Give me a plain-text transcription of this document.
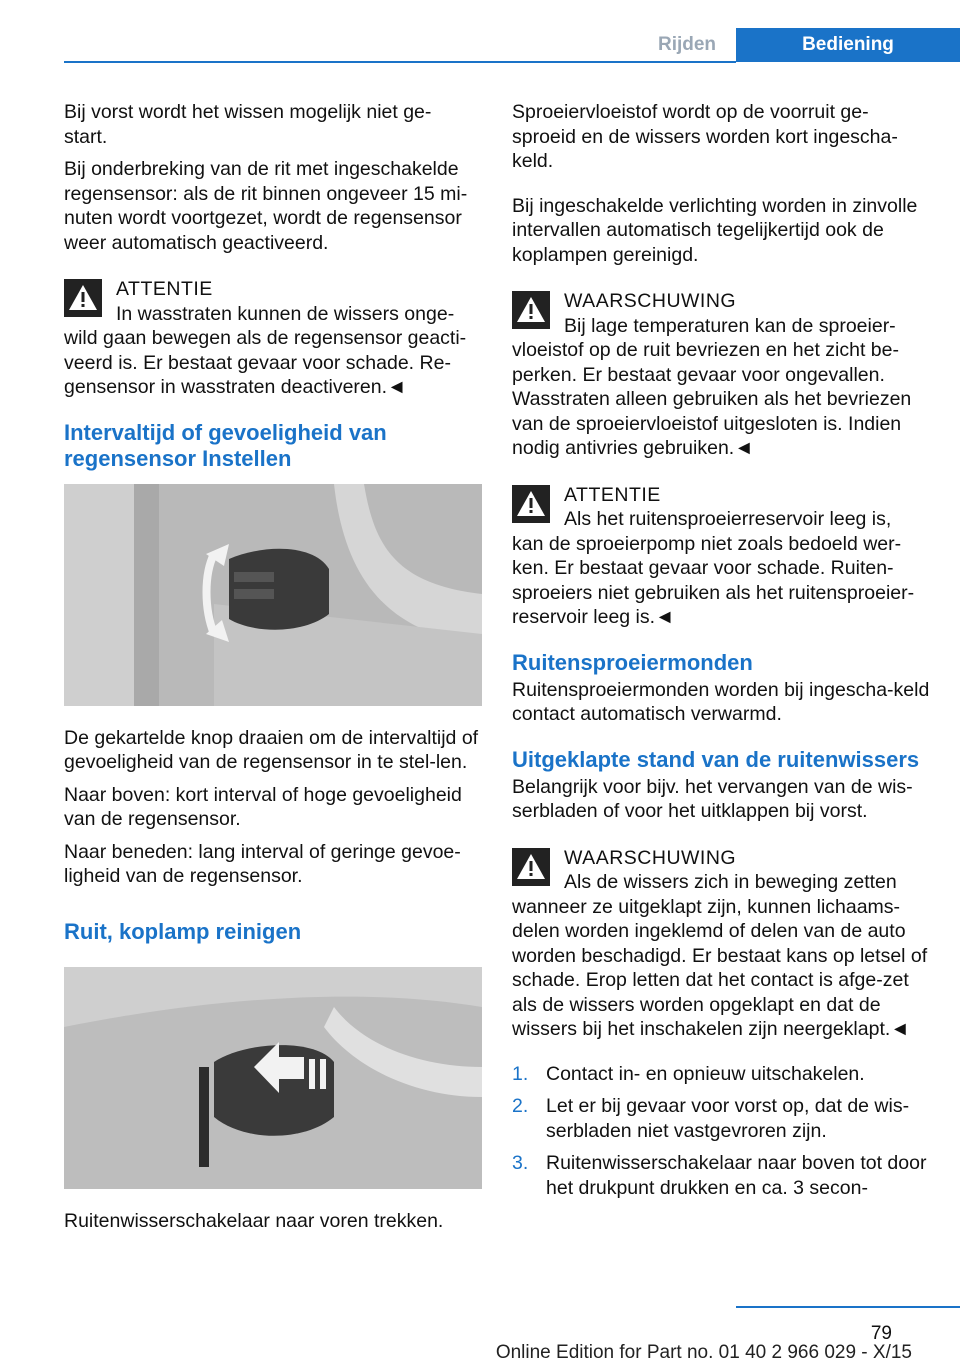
Rijden	Bediening

Bij vorst wordt het wissen mogelijk niet ge-
start.

Bij onderbreking van de rit met ingeschakelde regensensor: als de rit binnen ongeveer 15 mi-nuten wordt voortgezet, wordt de regensensor weer automatisch geactiveerd.

ATTENTIE
In wasstraten kunnen de wissers onge-
wild gaan bewegen als de regensensor geacti-veerd is. Er bestaat gevaar voor schade. Re-gensensor in wasstraten deactiveren.◄
Intervaltijd of gevoeligheid van regensensor Instellen

De gekartelde knop draaien om de intervaltijd of gevoeligheid van de regensensor in te stel-len.

Naar boven: kort interval of hoge gevoeligheid van de regensensor.

Naar beneden: lang interval of geringe gevoe-ligheid van de regensensor.

Ruit, koplamp reinigen

Ruitenwisserschakelaar naar voren trekken.

Sproeiervloeistof wordt op de voorruit ge-sproeid en de wissers worden kort ingescha-keld.

Bij ingeschakelde verlichting worden in zinvolle intervallen automatisch tegelijkertijd ook de koplampen gereinigd.

WAARSCHUWING
Bij lage temperaturen kan de sproeier-
vloeistof op de ruit bevriezen en het zicht be-perken. Er bestaat gevaar voor ongevallen. Wasstraten alleen gebruiken als het bevriezen van de sproeiervloeistof uitgesloten is. Indien nodig antivries gebruiken.◄
ATTENTIE
Als het ruitensproeierreservoir leeg is,
kan de sproeierpomp niet zoals bedoeld wer-ken. Er bestaat gevaar voor schade. Ruiten-sproeiers niet gebruiken als het ruitensproeier-reservoir leeg is.◄
Ruitensproeiermonden

Ruitensproeiermonden worden bij ingescha-keld contact automatisch verwarmd.

Uitgeklapte stand van de ruitenwissers

Belangrijk voor bijv. het vervangen van de wis-serbladen of voor het uitklappen bij vorst.

WAARSCHUWING
Als de wissers zich in beweging zetten
wanneer ze uitgeklapt zijn, kunnen lichaams-delen worden ingeklemd of delen van de auto worden beschadigd. Er bestaat kans op letsel of schade. Erop letten dat het contact is afge-zet als de wissers worden opgeklapt en dat de wissers bij het inschakelen zijn neergeklapt.◄
1. Contact in- en opnieuw uitschakelen.
2. Let er bij gevaar voor vorst op, dat de wis-serbladen niet vastgevroren zijn.
3. Ruitenwisserschakelaar naar boven tot door het drukpunt drukken en ca. 3 secon-
79
Online Edition for Part no. 01 40 2 966 029 - X/15
